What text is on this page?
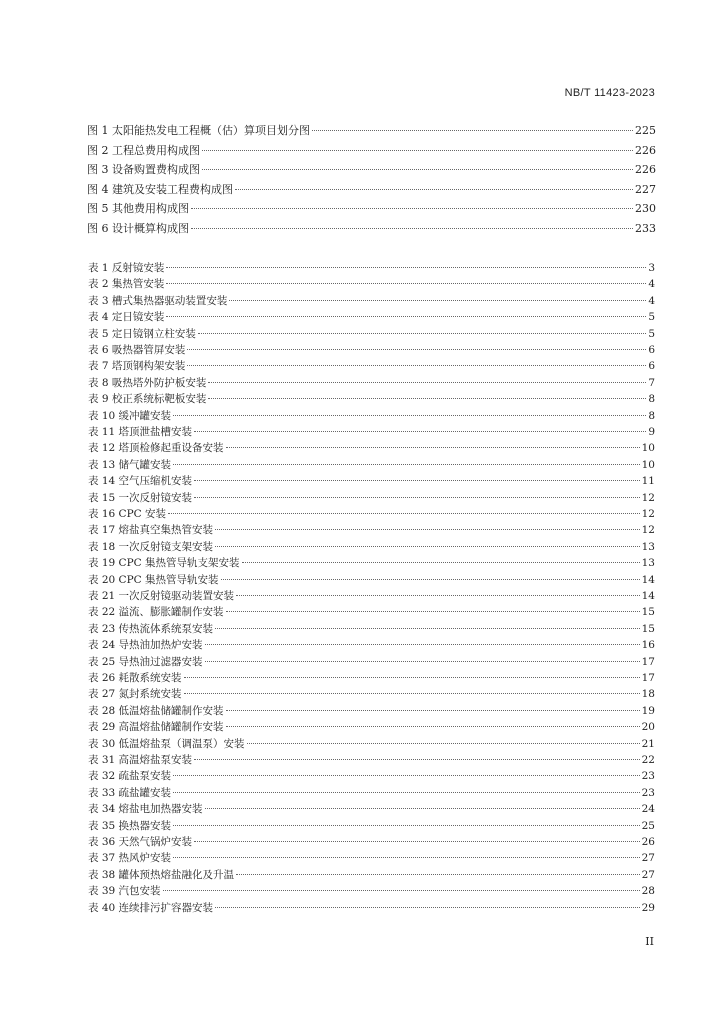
NB/T 11423-2023
图 1 太阳能热发电工程概（估）算项目划分图	225
图 2 工程总费用构成图	226
图 3 设备购置费构成图	226
图 4 建筑及安装工程费构成图	227
图 5 其他费用构成图	230
图 6 设计概算构成图	233
表 1 反射镜安装	3
表 2 集热管安装	4
表 3 槽式集热器驱动装置安装	4
表 4 定日镜安装	5
表 5 定日镜钢立柱安装	5
表 6 吸热器管屏安装	6
表 7 塔顶钢构架安装	6
表 8 吸热塔外防护板安装	7
表 9 校正系统标靶板安装	8
表 10 缓冲罐安装	8
表 11 塔顶泄盐槽安装	9
表 12 塔顶检修起重设备安装	10
表 13 储气罐安装	10
表 14 空气压缩机安装	11
表 15 一次反射镜安装	12
表 16 CPC 安装	12
表 17 熔盐真空集热管安装	12
表 18 一次反射镜支架安装	13
表 19 CPC 集热管导轨支架安装	13
表 20 CPC 集热管导轨安装	14
表 21 一次反射镜驱动装置安装	14
表 22 溢流、膨胀罐制作安装	15
表 23 传热流体系统泵安装	15
表 24 导热油加热炉安装	16
表 25 导热油过滤器安装	17
表 26 耗散系统安装	17
表 27 氮封系统安装	18
表 28 低温熔盐储罐制作安装	19
表 29 高温熔盐储罐制作安装	20
表 30 低温熔盐泵（调温泵）安装	21
表 31 高温熔盐泵安装	22
表 32 疏盐泵安装	23
表 33 疏盐罐安装	23
表 34 熔盐电加热器安装	24
表 35 换热器安装	25
表 36 天然气锅炉安装	26
表 37 热风炉安装	27
表 38 罐体预热熔盐融化及升温	27
表 39 汽包安装	28
表 40 连续排污扩容器安装	29
II
